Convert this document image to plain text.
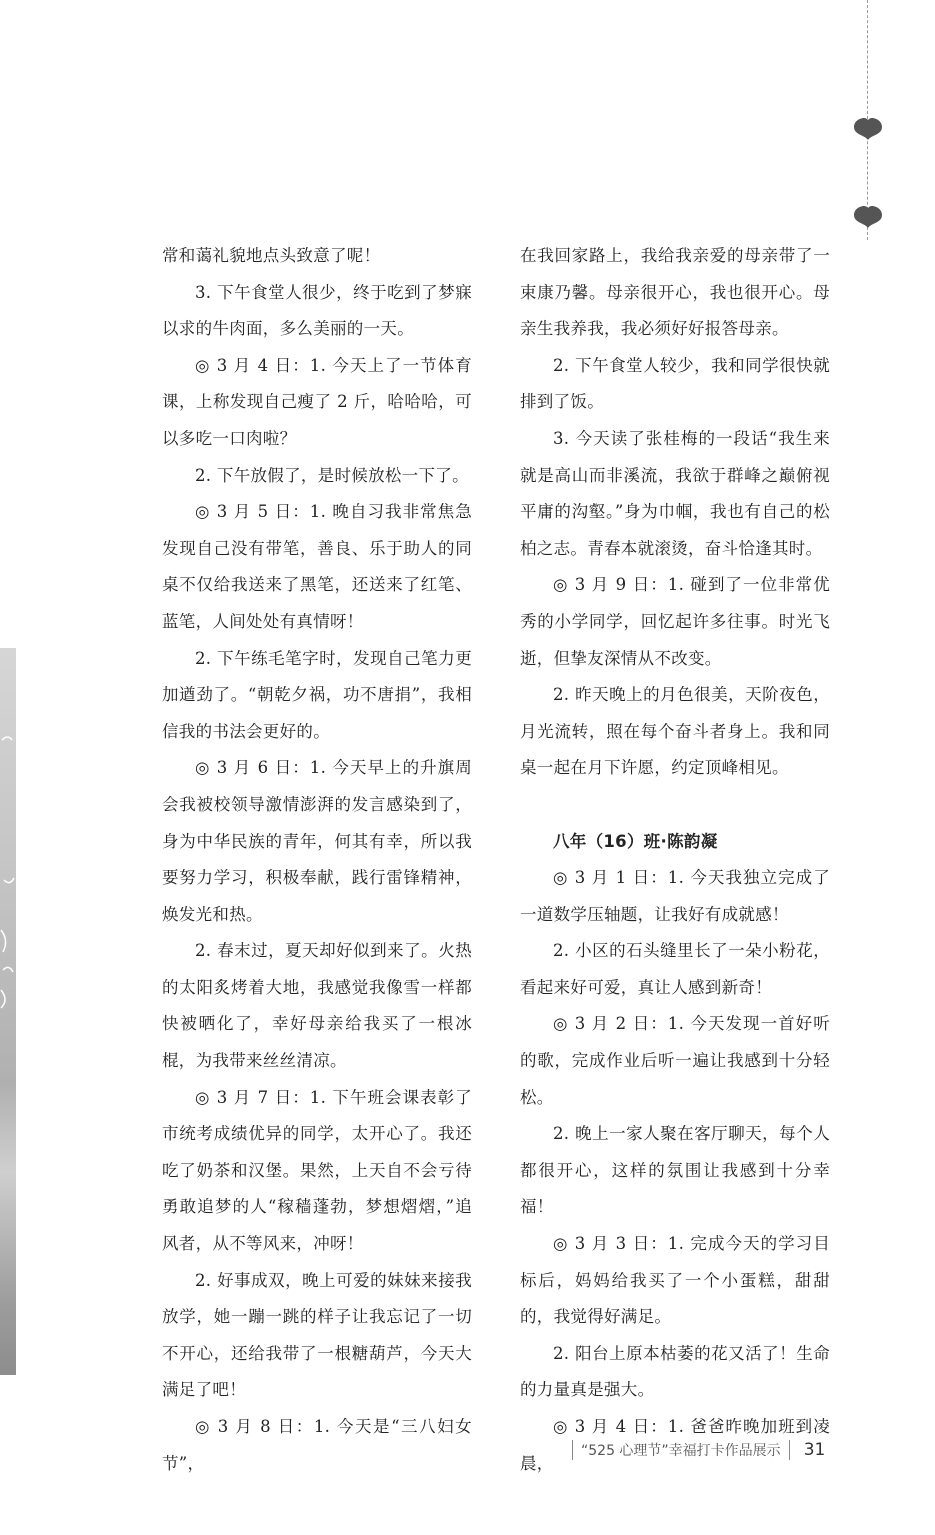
常和蔼礼貌地点头致意了呢！

3. 下午食堂人很少，终于吃到了梦寐以求的牛肉面，多么美丽的一天。

◎ 3 月 4 日：1. 今天上了一节体育课，上称发现自己瘦了 2 斤，哈哈哈，可以多吃一口肉啦？

2. 下午放假了，是时候放松一下了。

◎ 3 月 5 日：1. 晚自习我非常焦急发现自己没有带笔，善良、乐于助人的同桌不仅给我送来了黑笔，还送来了红笔、蓝笔，人间处处有真情呀！

2. 下午练毛笔字时，发现自己笔力更加遒劲了。“朝乾夕祸，功不唐捐”，我相信我的书法会更好的。

◎ 3 月 6 日：1. 今天早上的升旗周会我被校领导激情澎湃的发言感染到了，身为中华民族的青年，何其有幸，所以我要努力学习，积极奉献，践行雷锋精神，焕发光和热。

2. 春末过，夏天却好似到来了。火热的太阳炙烤着大地，我感觉我像雪一样都快被晒化了，幸好母亲给我买了一根冰棍，为我带来丝丝清凉。

◎ 3 月 7 日：1. 下午班会课表彰了市统考成绩优异的同学，太开心了。我还吃了奶茶和汉堡。果然，上天自不会亏待勇敢追梦的人“稼穑蓬勃，梦想熠熠，”追风者，从不等风来，冲呀！

2. 好事成双，晚上可爱的妹妹来接我放学，她一蹦一跳的样子让我忘记了一切不开心，还给我带了一根糖葫芦，今天大满足了吧！

◎ 3 月 8 日：1. 今天是“三八妇女节”，

在我回家路上，我给我亲爱的母亲带了一束康乃馨。母亲很开心，我也很开心。母亲生我养我，我必须好好报答母亲。

2. 下午食堂人较少，我和同学很快就排到了饭。

3. 今天读了张桂梅的一段话“我生来就是高山而非溪流，我欲于群峰之巅俯视平庸的沟壑。”身为巾帼，我也有自己的松柏之志。青春本就滚烫，奋斗恰逢其时。

◎ 3 月 9 日：1. 碰到了一位非常优秀的小学同学，回忆起许多往事。时光飞逝，但挚友深情从不改变。

2. 昨天晚上的月色很美，天阶夜色，月光流转，照在每个奋斗者身上。我和同桌一起在月下许愿，约定顶峰相见。

八年（16）班·陈韵凝

◎ 3 月 1 日：1. 今天我独立完成了一道数学压轴题，让我好有成就感！

2. 小区的石头缝里长了一朵小粉花，看起来好可爱，真让人感到新奇！

◎ 3 月 2 日：1. 今天发现一首好听的歌，完成作业后听一遍让我感到十分轻松。

2. 晚上一家人聚在客厅聊天，每个人都很开心，这样的氛围让我感到十分幸福！

◎ 3 月 3 日：1. 完成今天的学习目标后，妈妈给我买了一个小蛋糕，甜甜的，我觉得好满足。

2. 阳台上原本枯萎的花又活了！生命的力量真是强大。

◎ 3 月 4 日：1. 爸爸昨晚加班到凌晨，

“525 心理节”幸福打卡作品展示 31
